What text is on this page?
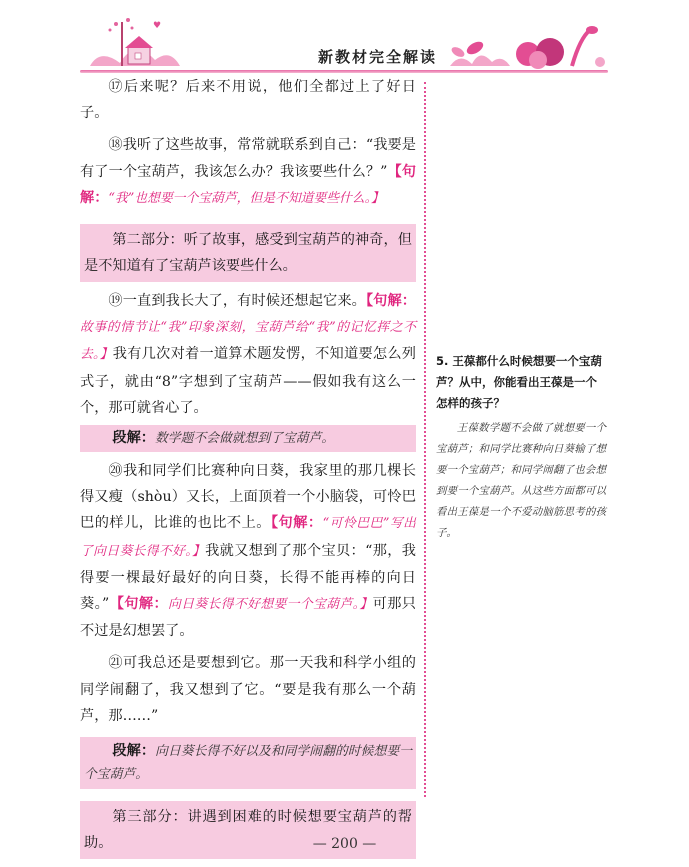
♥
新教材完全解读

⑰后来呢？后来不用说，他们全都过上了好日子。

⑱我听了这些故事，常常就联系到自己：“我要是有了一个宝葫芦，我该怎么办？我该要些什么？”【句解：“我”也想要一个宝葫芦，但是不知道要些什么。】

第二部分：听了故事，感受到宝葫芦的神奇，但是不知道有了宝葫芦该要些什么。

⑲一直到我长大了，有时候还想起它来。【句解：故事的情节让“我”印象深刻，宝葫芦给“我”的记忆挥之不去。】我有几次对着一道算术题发愣，不知道要怎么列式子，就由“8”字想到了宝葫芦——假如我有这么一个，那可就省心了。

段解：数学题不会做就想到了宝葫芦。

⑳我和同学们比赛种向日葵，我家里的那几棵长得又瘦（shòu）又长，上面顶着一个小脑袋，可怜巴巴的样儿，比谁的也比不上。【句解：“可怜巴巴”写出了向日葵长得不好。】我就又想到了那个宝贝：“那，我得要一棵最好最好的向日葵，长得不能再棒的向日葵。”【句解：向日葵长得不好想要一个宝葫芦。】可那只不过是幻想罢了。

㉑可我总还是要想到它。那一天我和科学小组的同学闹翻了，我又想到了它。“要是我有那么一个葫芦，那……”

段解：向日葵长得不好以及和同学闹翻的时候想要一个宝葫芦。

第三部分：讲遇到困难的时候想要宝葫芦的帮助。

5. 王葆都什么时候想要一个宝葫芦？从中，你能看出王葆是一个怎样的孩子？

王葆数学题不会做了就想要一个宝葫芦；和同学比赛种向日葵输了想要一个宝葫芦；和同学闹翻了也会想到要一个宝葫芦。从这些方面都可以看出王葆是一个不爱动脑筋思考的孩子。

— 200 —
